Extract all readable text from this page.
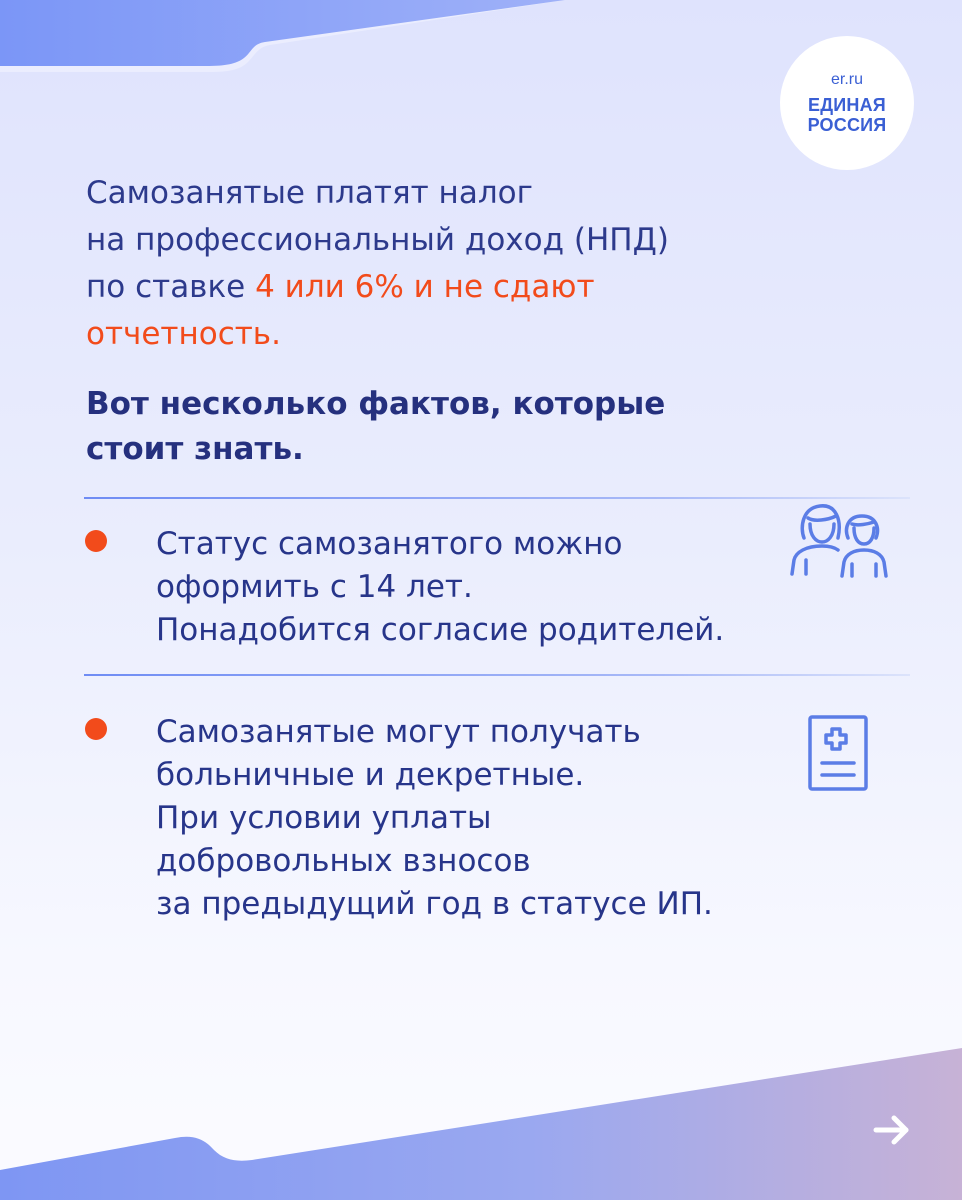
er.ru
ЕДИНАЯ
РОССИЯ
Самозанятые платят налог
на профессиональный доход (НПД)
по ставке 4 или 6% и не сдают
отчетность.
Вот несколько фактов, которые
стоит знать.
Статус самозанятого можно
оформить с 14 лет.
Понадобится согласие родителей.
Самозанятые могут получать
больничные и декретные.
При условии уплаты
добровольных взносов
за предыдущий год в статусе ИП.
